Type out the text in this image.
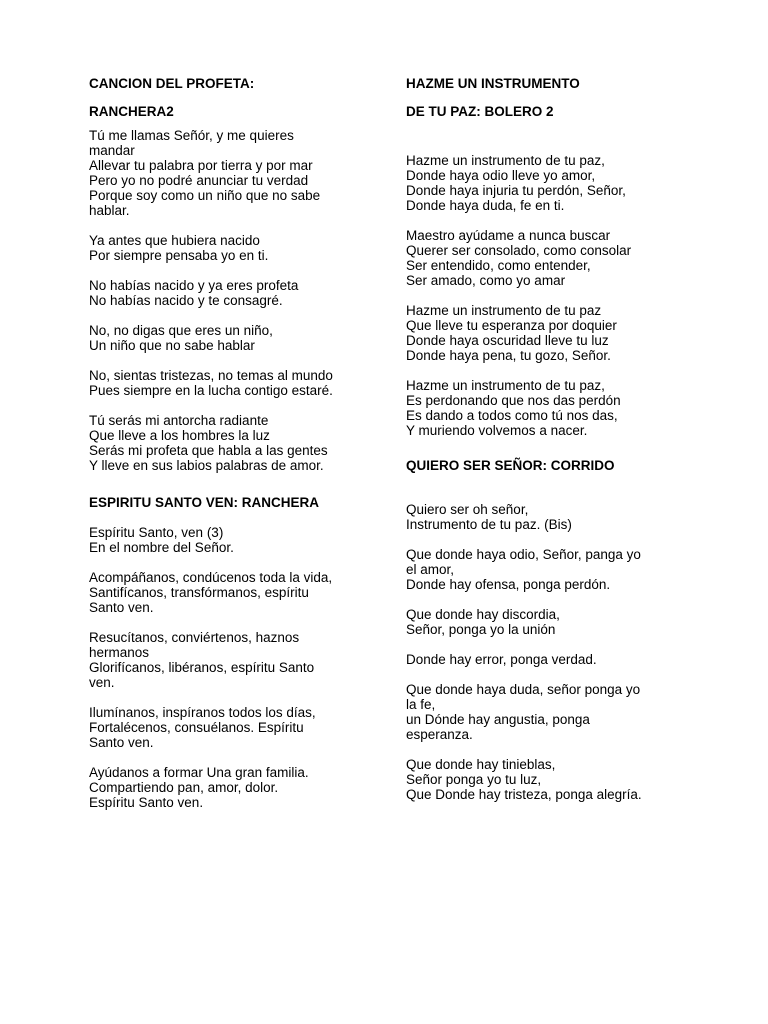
CANCION DEL PROFETA:
RANCHERA2
Tú me llamas Señór, y me quieres
mandar
Allevar tu palabra por tierra y por mar
Pero yo no podré anunciar tu verdad
Porque soy como un niño que no sabe
hablar.
Ya antes que hubiera nacido
Por siempre pensaba yo en ti.
No habías nacido y ya eres profeta
No habías nacido y te consagré.
No, no digas que eres un niño,
Un niño que no sabe hablar
No, sientas tristezas, no temas al mundo
Pues siempre en la lucha contigo estaré.
Tú serás mi antorcha radiante
Que lleve a los hombres la luz
Serás mi profeta que habla a las gentes
Y lleve en sus labios palabras de amor.
ESPIRITU SANTO VEN: RANCHERA
Espíritu Santo, ven (3)
En el nombre del Señor.
Acompáñanos, condúcenos toda la vida,
Santifícanos, transfórmanos, espíritu
Santo ven.
Resucítanos, conviértenos, haznos
hermanos
Glorifícanos, libéranos, espíritu Santo
ven.
Ilumínanos, inspíranos todos los días,
Fortalécenos, consuélanos. Espíritu
Santo ven.
Ayúdanos a formar Una gran familia.
Compartiendo pan, amor, dolor.
Espíritu Santo ven.
HAZME UN INSTRUMENTO
DE TU PAZ: BOLERO 2
Hazme un instrumento de tu paz,
Donde haya odio lleve yo amor,
Donde haya injuria tu perdón, Señor,
Donde haya duda, fe en ti.
Maestro ayúdame a nunca buscar
Querer ser consolado, como consolar
Ser entendido, como entender,
Ser amado, como yo amar
Hazme un instrumento de tu paz
Que lleve tu esperanza por doquier
Donde haya oscuridad lleve tu luz
Donde haya pena, tu gozo, Señor.
Hazme un instrumento de tu paz,
Es perdonando que nos das perdón
Es dando a todos como tú nos das,
Y muriendo volvemos a nacer.
QUIERO SER SEÑOR: CORRIDO
Quiero ser oh señor,
Instrumento de tu paz. (Bis)
Que donde haya odio, Señor, panga yo
el amor,
Donde hay ofensa, ponga perdón.
Que donde hay discordia,
Señor, ponga yo la unión
Donde hay error, ponga verdad.
Que donde haya duda, señor ponga yo
la fe,
un Dónde hay angustia, ponga
esperanza.
Que donde hay tinieblas,
Señor ponga yo tu luz,
Que Donde hay tristeza, ponga alegría.
